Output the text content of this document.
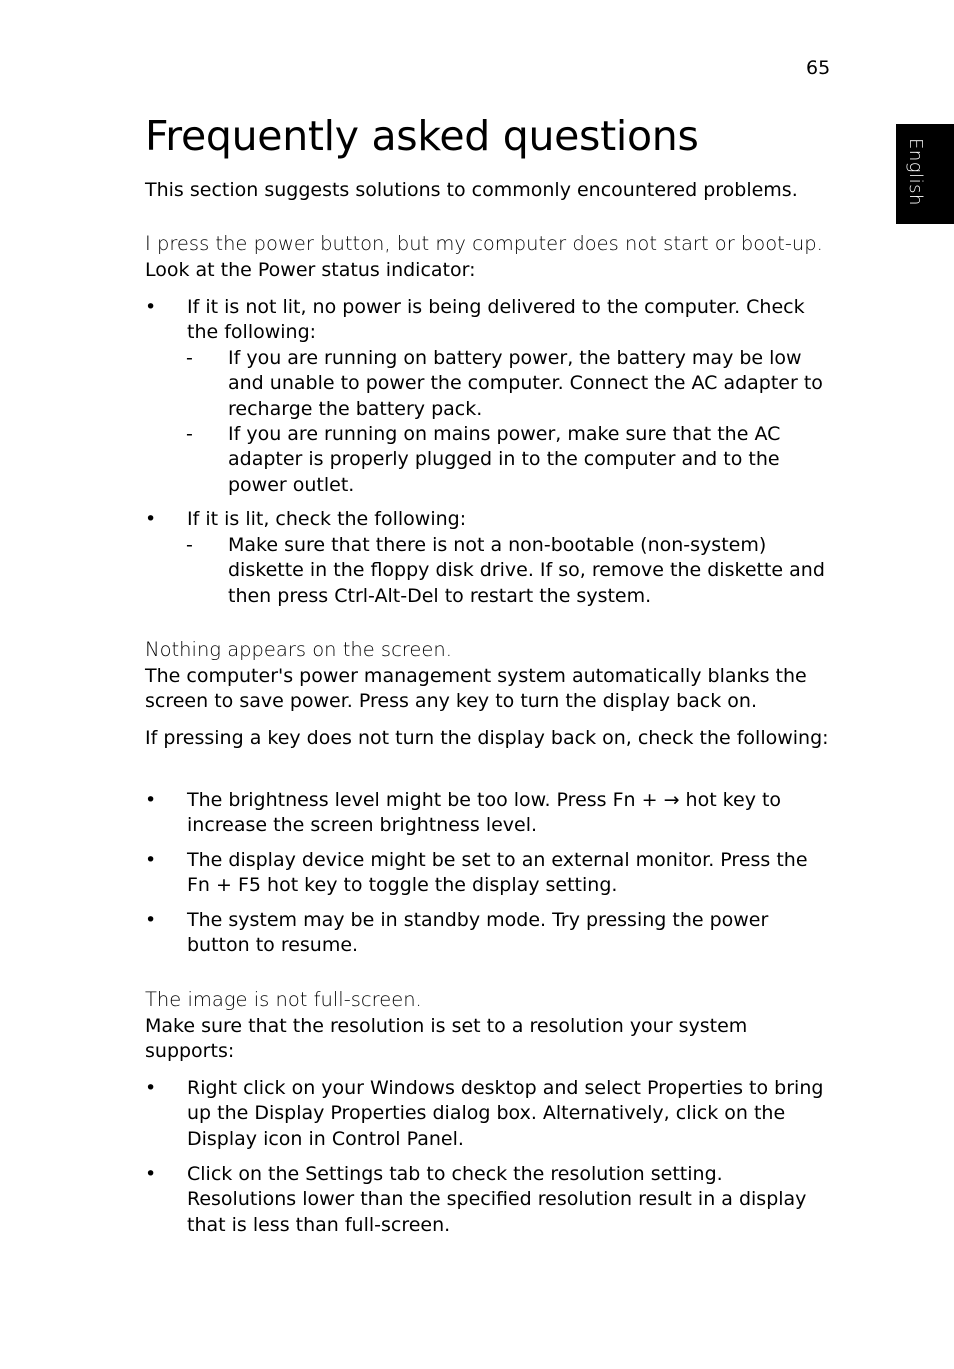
65
English
Frequently asked questions
This section suggests solutions to commonly encountered problems.
I press the power button, but my computer does not start or boot-up.
Look at the Power status indicator:
• If it is not lit, no power is being delivered to the computer. Check the following:
- If you are running on battery power, the battery may be low and unable to power the computer. Connect the AC adapter to recharge the battery pack.
- If you are running on mains power, make sure that the AC adapter is properly plugged in to the computer and to the power outlet.
• If it is lit, check the following:
- Make sure that there is not a non-bootable (non-system) diskette in the floppy disk drive. If so, remove the diskette and then press Ctrl-Alt-Del to restart the system.
Nothing appears on the screen.
The computer's power management system automatically blanks the screen to save power. Press any key to turn the display back on.
If pressing a key does not turn the display back on, check the following:
• The brightness level might be too low. Press Fn + → hot key to increase the screen brightness level.
• The display device might be set to an external monitor. Press the Fn + F5 hot key to toggle the display setting.
• The system may be in standby mode. Try pressing the power button to resume.
The image is not full-screen.
Make sure that the resolution is set to a resolution your system supports:
• Right click on your Windows desktop and select Properties to bring up the Display Properties dialog box. Alternatively, click on the Display icon in Control Panel.
• Click on the Settings tab to check the resolution setting. Resolutions lower than the specified resolution result in a display that is less than full-screen.
